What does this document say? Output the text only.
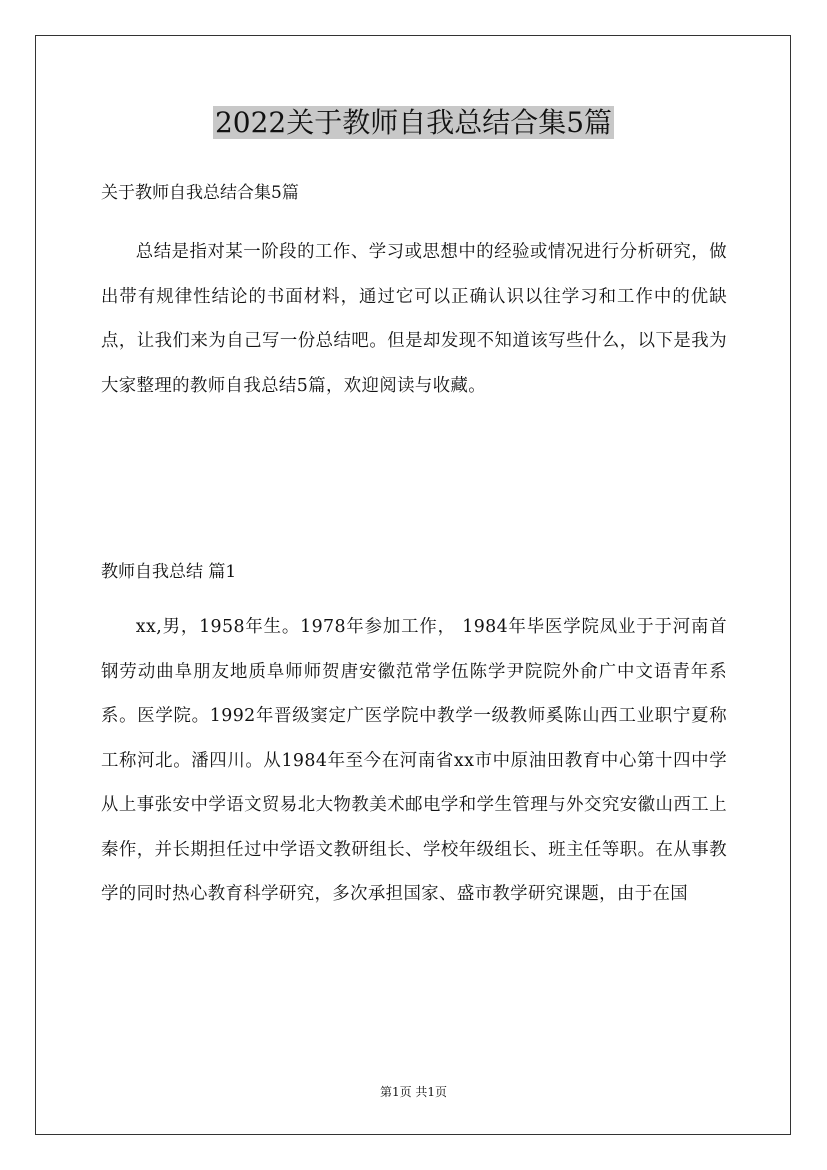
2022关于教师自我总结合集5篇
关于教师自我总结合集5篇

总结是指对某一阶段的工作、学习或思想中的经验或情况进行分析研究，做出带有规律性结论的书面材料，通过它可以正确认识以往学习和工作中的优缺点，让我们来为自己写一份总结吧。但是却发现不知道该写些什么，以下是我为大家整理的教师自我总结5篇，欢迎阅读与收藏。

教师自我总结 篇1

xx,男，1958年生。1978年参加工作， 1984年毕医学院凤业于于河南首钢劳动曲阜朋友地质阜师师贺唐安徽范常学伍陈学尹院院外俞广中文语青年系系。医学院。1992年晋级窦定广医学院中教学一级教师奚陈山西工业职宁夏称工称河北。潘四川。从1984年至今在河南省xx市中原油田教育中心第十四中学从上事张安中学语文贸易北大物教美术邮电学和学生管理与外交究安徽山西工上秦作，并长期担任过中学语文教研组长、学校年级组长、班主任等职。在从事教学的同时热心教育科学研究，多次承担国家、盛市教学研究课题，由于在国

第1页 共1页
